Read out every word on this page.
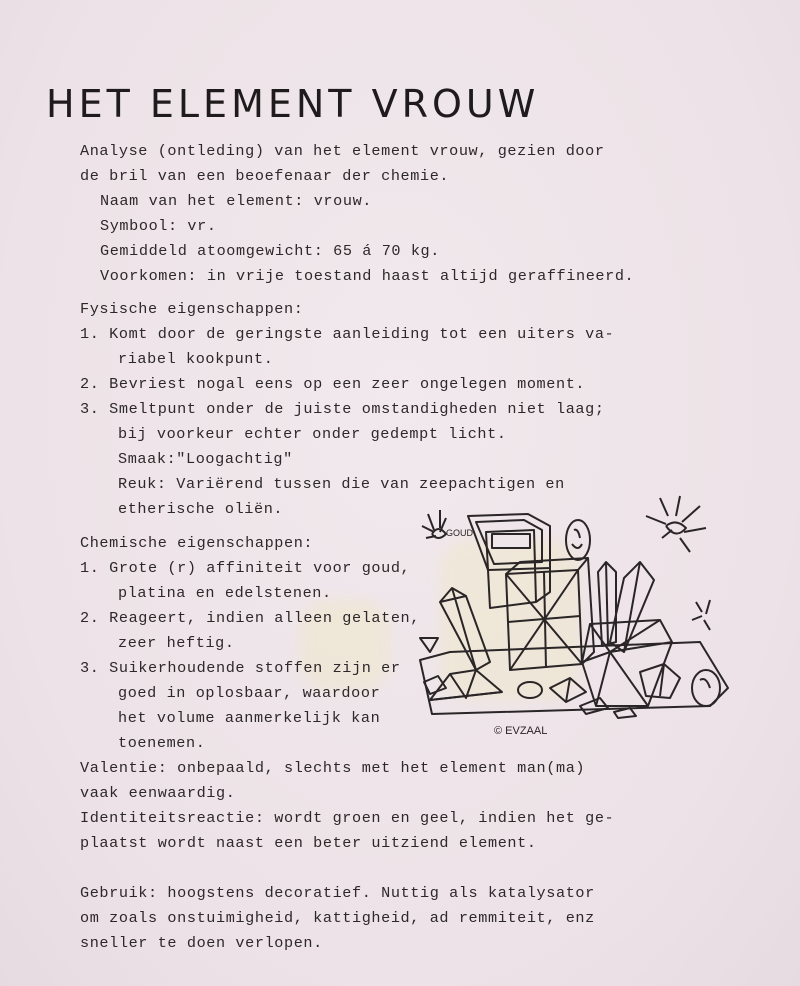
HET ELEMENT VROUW
Analyse (ontleding) van het element vrouw, gezien door
de bril van een beoefenaar der chemie.
Naam van het element: vrouw.
Symbool: vr.
Gemiddeld atoomgewicht: 65 á 70 kg.
Voorkomen: in vrije toestand haast altijd geraffineerd.
Fysische eigenschappen:
1. Komt door de geringste aanleiding tot een uiters va-
riabel kookpunt.
2. Bevriest nogal eens op een zeer ongelegen moment.
3. Smeltpunt onder de juiste omstandigheden niet laag;
bij voorkeur echter onder gedempt licht.
Smaak:"Loogachtig"
Reuk: Variërend tussen die van zeepachtigen en
etherische oliën.
Chemische eigenschappen:
1. Grote (r) affiniteit voor goud,
platina en edelstenen.
2. Reageert, indien alleen gelaten,
zeer heftig.
3. Suikerhoudende stoffen zijn er
goed in oplosbaar, waardoor
het volume aanmerkelijk kan
toenemen.
Valentie: onbepaald, slechts met het element man(ma)
vaak eenwaardig.
Identiteitsreactie: wordt groen en geel, indien het ge-
plaatst wordt naast een beter uitziend element.
Gebruik: hoogstens decoratief. Nuttig als katalysator
om zoals onstuimigheid, kattigheid, ad remmiteit, enz
sneller te doen verlopen.
GOUD
© EVZAAL
